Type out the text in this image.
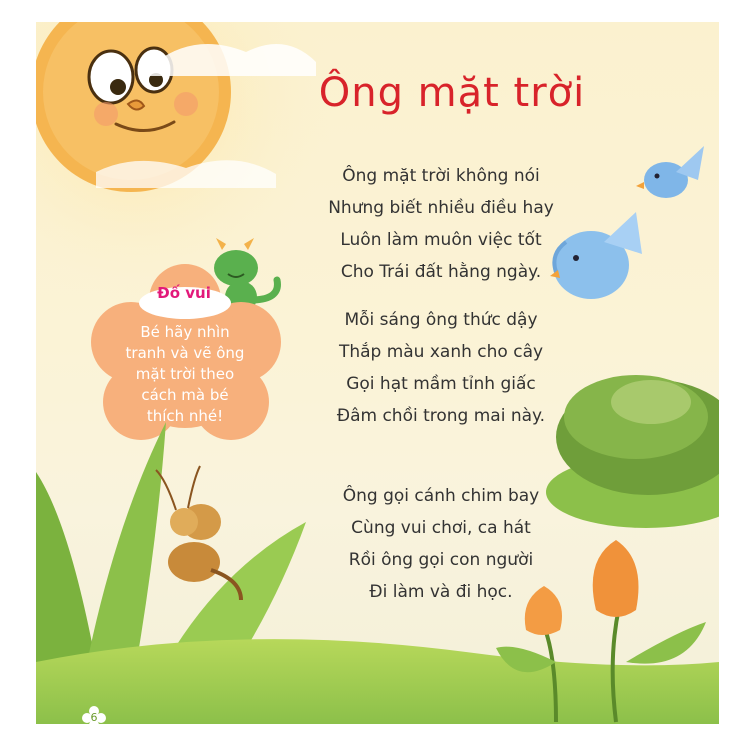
Ông mặt trời
Ông mặt trời không nói
Nhưng biết nhiều điều hay
Luôn làm muôn việc tốt
Cho Trái đất hằng ngày.
Mỗi sáng ông thức dậy
Thắp màu xanh cho cây
Gọi hạt mầm tỉnh giấc
Đâm chồi trong mai này.
Ông gọi cánh chim bay
Cùng vui chơi, ca hát
Rồi ông gọi con người
Đi làm và đi học.
Đố vui
Bé hãy nhìn
tranh và vẽ ông
mặt trời theo
cách mà bé
thích nhé!
6
